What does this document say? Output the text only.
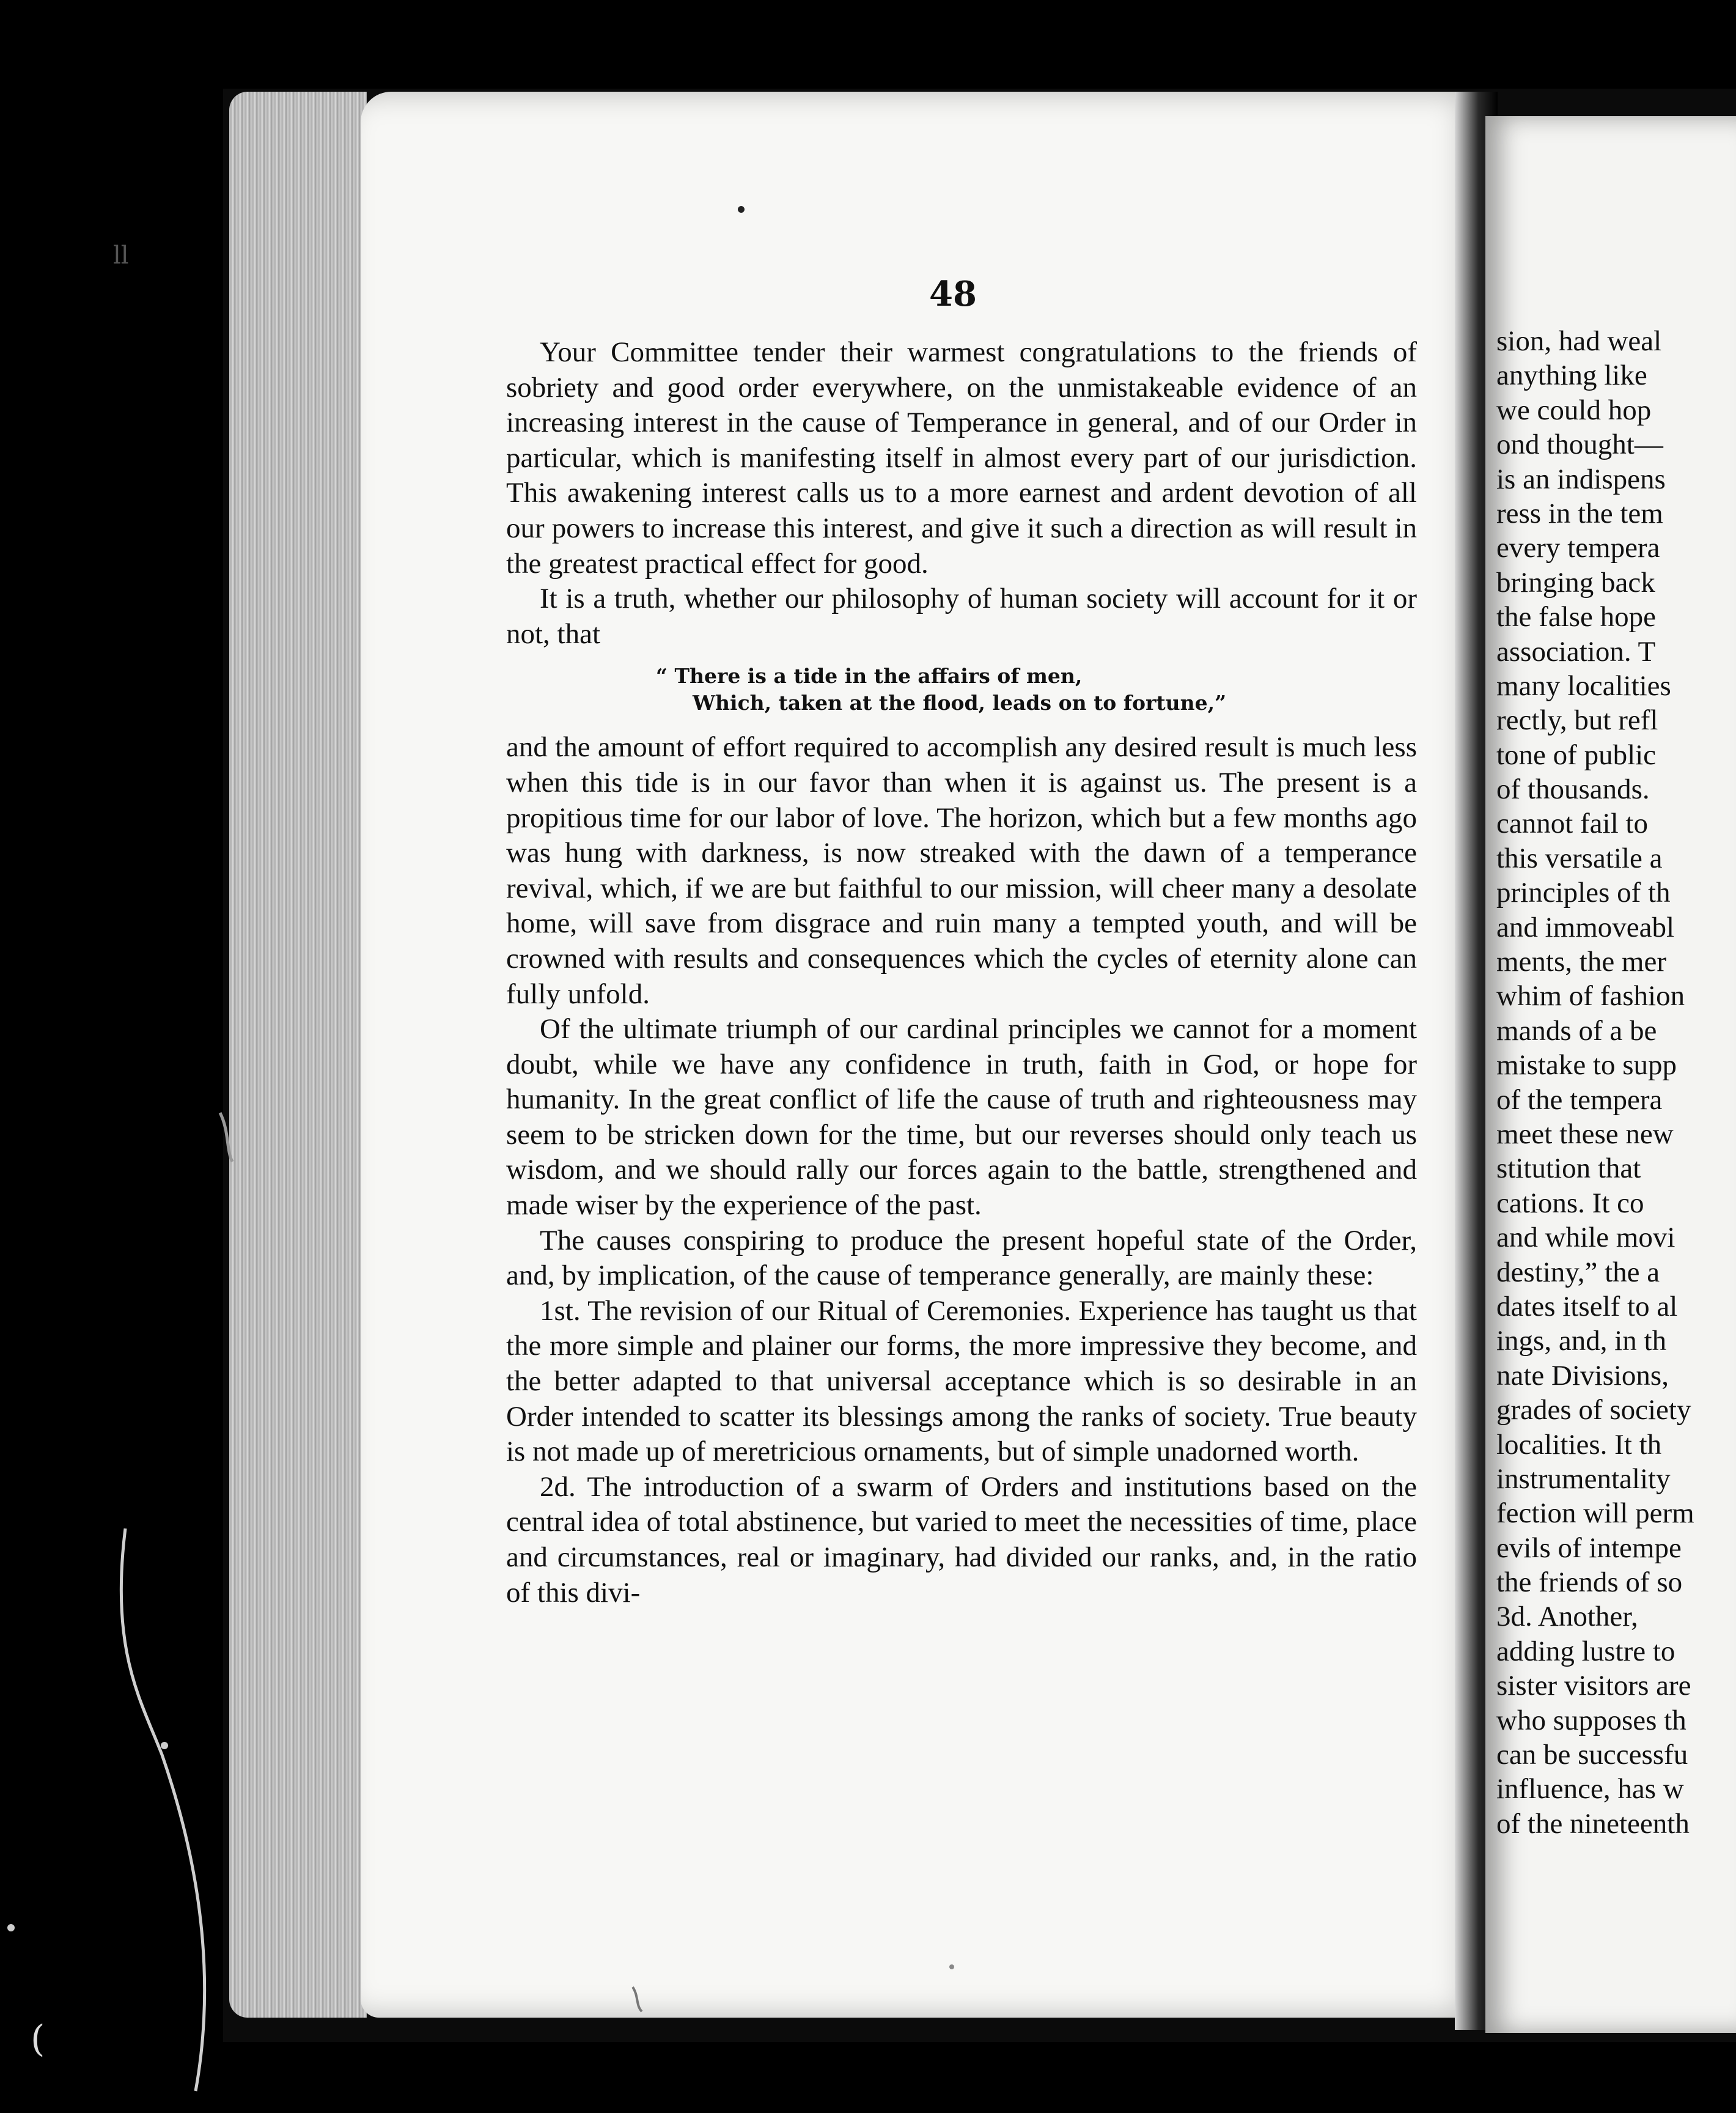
48

Your Committee tender their warmest congratulations to the friends of sobriety and good order everywhere, on the unmistakeable evidence of an increasing interest in the cause of Temperance in general, and of our Order in particular, which is manifesting itself in almost every part of our jurisdiction. This awakening interest calls us to a more earnest and ardent devotion of all our powers to increase this interest, and give it such a direction as will result in the greatest practical effect for good.

It is a truth, whether our philosophy of human society will account for it or not, that

“ There is a tide in the affairs of men,
Which, taken at the flood, leads on to fortune,”

and the amount of effort required to accomplish any desired result is much less when this tide is in our favor than when it is against us. The present is a propitious time for our labor of love. The horizon, which but a few months ago was hung with darkness, is now streaked with the dawn of a temperance revival, which, if we are but faithful to our mission, will cheer many a desolate home, will save from disgrace and ruin many a tempted youth, and will be crowned with results and consequences which the cycles of eternity alone can fully unfold.

Of the ultimate triumph of our cardinal principles we cannot for a moment doubt, while we have any confidence in truth, faith in God, or hope for humanity. In the great conflict of life the cause of truth and righteousness may seem to be stricken down for the time, but our reverses should only teach us wisdom, and we should rally our forces again to the battle, strengthened and made wiser by the experience of the past.

The causes conspiring to produce the present hopeful state of the Order, and, by implication, of the cause of temperance generally, are mainly these:

1st. The revision of our Ritual of Ceremonies. Experience has taught us that the more simple and plainer our forms, the more impressive they become, and the better adapted to that universal acceptance which is so desirable in an Order intended to scatter its blessings among the ranks of society. True beauty is not made up of meretricious ornaments, but of simple unadorned worth.

2d. The introduction of a swarm of Orders and institutions based on the central idea of total abstinence, but varied to meet the necessities of time, place and circumstances, real or imaginary, had divided our ranks, and, in the ratio of this divi-

sion, had weal
anything like
we could hop
ond thought—
is an indispens
ress in the tem
every tempera
bringing back
the false hope
association. T
many localities
rectly, but refl
tone of public
of thousands.
cannot fail to
this versatile a
principles of th
and immoveabl
ments, the mer
whim of fashion
mands of a be
mistake to supp
of the tempera
meet these new
stitution that
cations. It co
and while movi
destiny,” the a
dates itself to al
ings, and, in th
nate Divisions,
grades of society
localities. It th
instrumentality
fection will perm
evils of intempe
the friends of so
3d. Another,
adding lustre to
sister visitors are
who supposes th
can be successfu
influence, has w
of the nineteenth
ll
(
